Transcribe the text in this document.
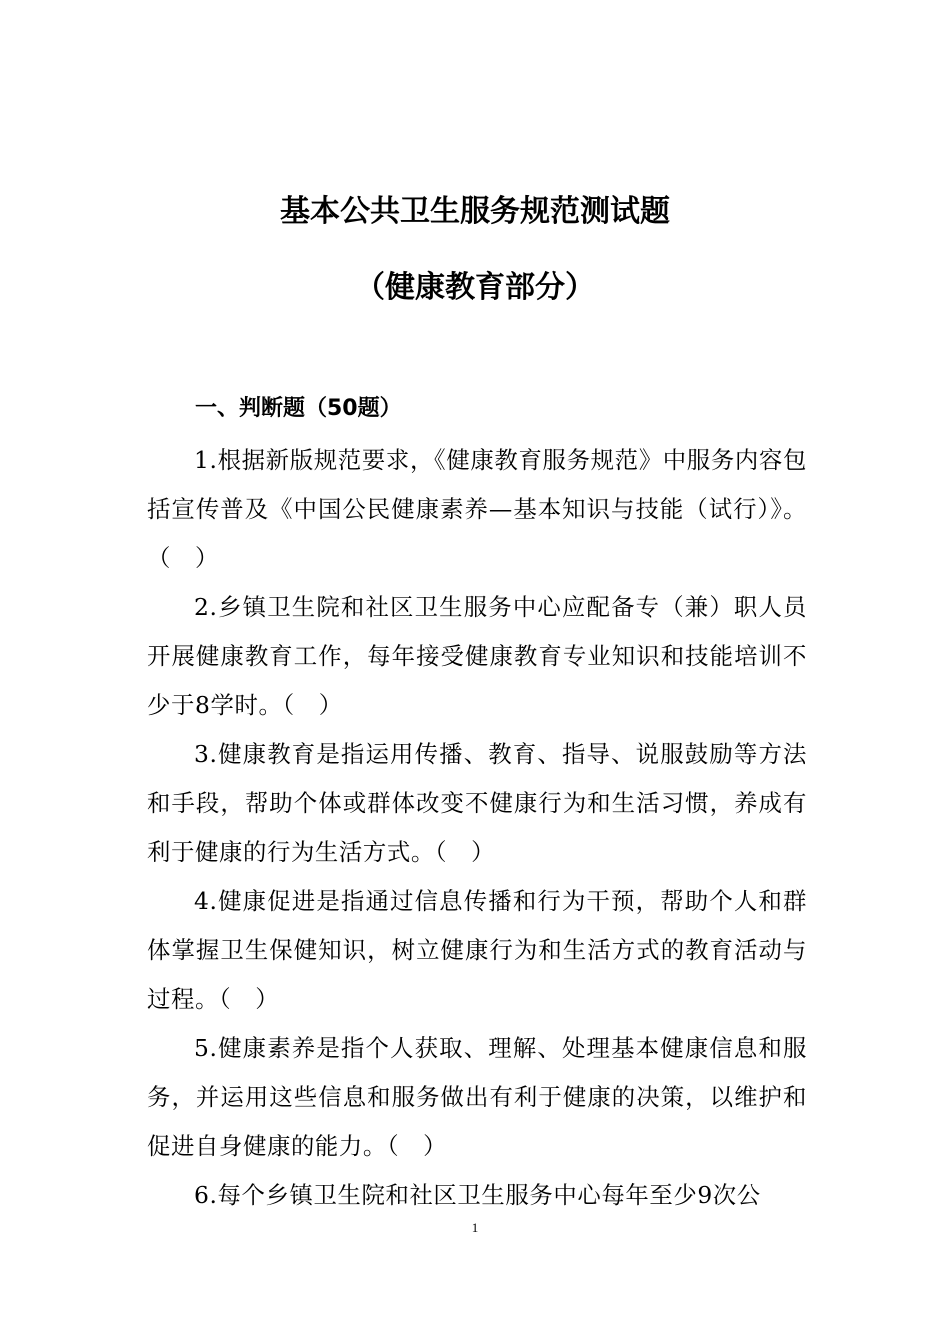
基本公共卫生服务规范测试题
（健康教育部分）
一、判断题（50题）
1.根据新版规范要求，《健康教育服务规范》中服务内容包括宣传普及《中国公民健康素养—基本知识与技能（试行）》。（　）
2.乡镇卫生院和社区卫生服务中心应配备专（兼）职人员开展健康教育工作，每年接受健康教育专业知识和技能培训不少于8学时。（　）
3.健康教育是指运用传播、教育、指导、说服鼓励等方法和手段，帮助个体或群体改变不健康行为和生活习惯，养成有利于健康的行为生活方式。（　）
4.健康促进是指通过信息传播和行为干预，帮助个人和群体掌握卫生保健知识，树立健康行为和生活方式的教育活动与过程。（　）
5.健康素养是指个人获取、理解、处理基本健康信息和服务，并运用这些信息和服务做出有利于健康的决策，以维护和促进自身健康的能力。（　）
6.每个乡镇卫生院和社区卫生服务中心每年至少9次公
1
